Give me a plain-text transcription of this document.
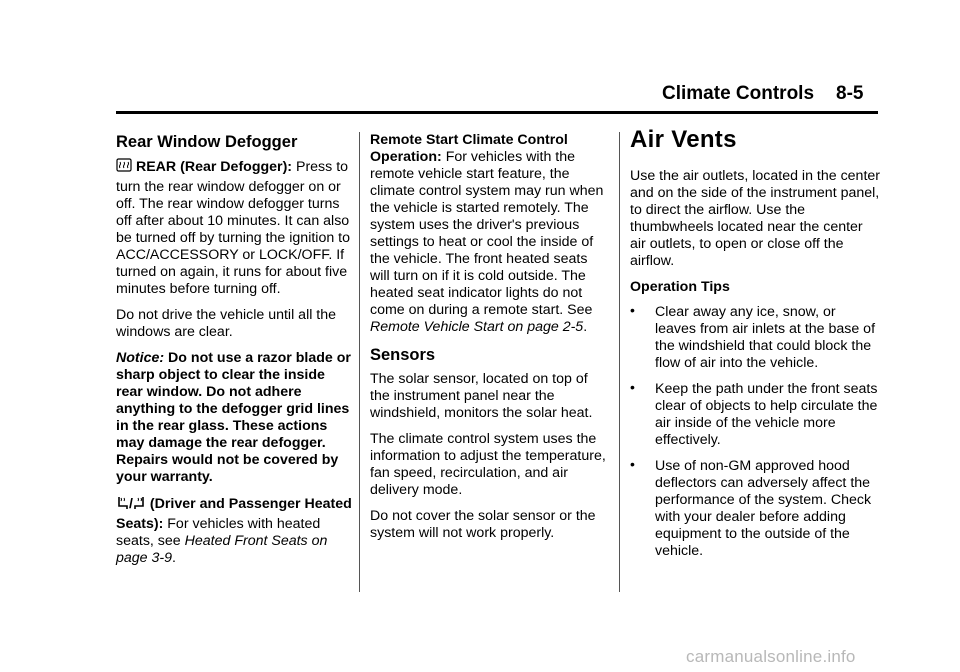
Climate Controls 8-5
Rear Window Defogger

REAR (Rear Defogger): Press to turn the rear window defogger on or off. The rear window defogger turns off after about 10 minutes. It can also be turned off by turning the ignition to ACC/ACCESSORY or LOCK/OFF. If turned on again, it runs for about five minutes before turning off.

Do not drive the vehicle until all the windows are clear.

Notice: Do not use a razor blade or sharp object to clear the inside rear window. Do not adhere anything to the defogger grid lines in the rear glass. These actions may damage the rear defogger. Repairs would not be covered by your warranty.

/ (Driver and Passenger Heated Seats): For vehicles with heated seats, see Heated Front Seats on page 3-9.

Remote Start Climate Control Operation: For vehicles with the remote vehicle start feature, the climate control system may run when the vehicle is started remotely. The system uses the driver's previous settings to heat or cool the inside of the vehicle. The front heated seats will turn on if it is cold outside. The heated seat indicator lights do not come on during a remote start. See Remote Vehicle Start on page 2-5.

Sensors

The solar sensor, located on top of the instrument panel near the windshield, monitors the solar heat.

The climate control system uses the information to adjust the temperature, fan speed, recirculation, and air delivery mode.

Do not cover the solar sensor or the system will not work properly.

Air Vents

Use the air outlets, located in the center and on the side of the instrument panel, to direct the airflow. Use the thumbwheels located near the center air outlets, to open or close off the airflow.

Operation Tips
• Clear away any ice, snow, or leaves from air inlets at the base of the windshield that could block the flow of air into the vehicle.
• Keep the path under the front seats clear of objects to help circulate the air inside of the vehicle more effectively.
• Use of non-GM approved hood deflectors can adversely affect the performance of the system. Check with your dealer before adding equipment to the outside of the vehicle.
carmanualsonline.info
